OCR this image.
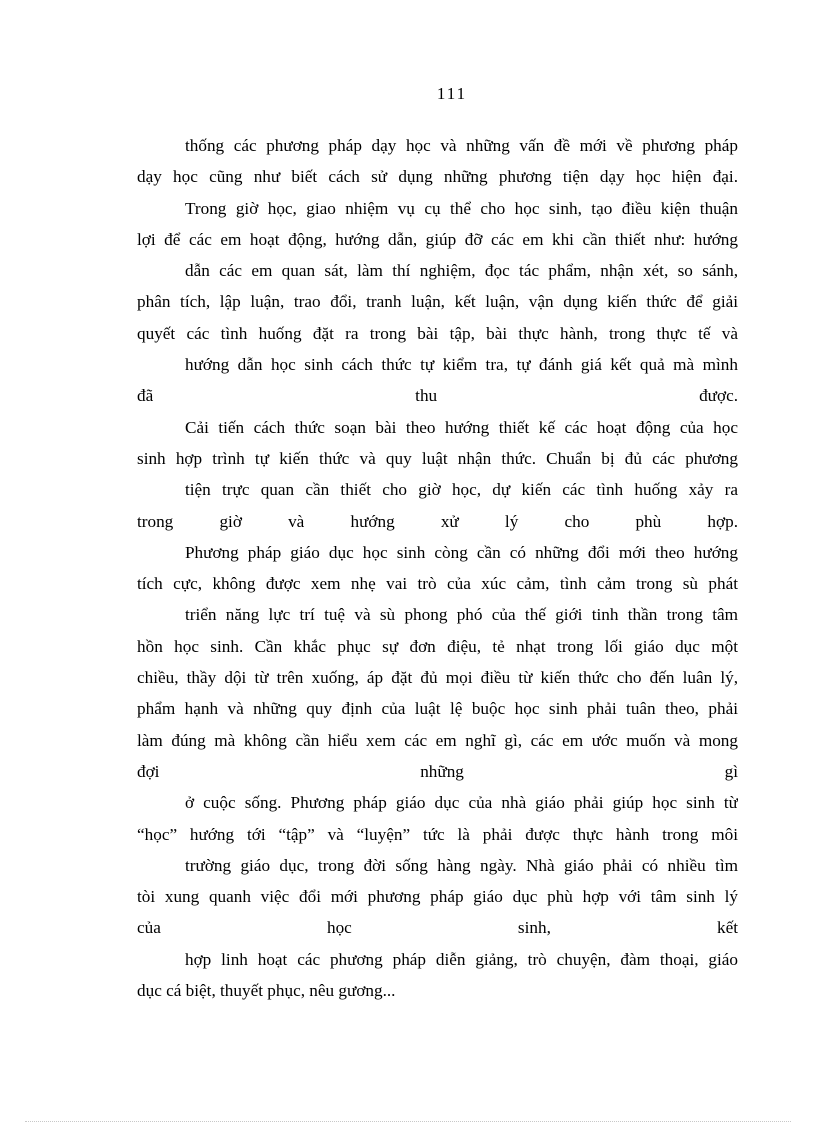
111
thống các phương pháp dạy học và những vấn đề mới về phương pháp
dạy học cũng như biết cách sử dụng những phương tiện dạy học hiện đại.
Trong giờ học, giao nhiệm vụ cụ thể cho học sinh, tạo điều kiện thuận
lợi để các em hoạt động, hướng dẫn, giúp đỡ các em khi cần thiết như: hướng
dẫn các em quan sát, làm thí nghiệm, đọc tác phẩm, nhận xét, so sánh,
phân tích, lập luận, trao đổi, tranh luận, kết luận, vận dụng kiến thức để giải
quyết các tình huống đặt ra trong bài tập, bài thực hành, trong thực tế và
hướng dẫn học sinh cách thức tự kiểm tra, tự đánh giá kết quả mà mình
đã thu được.
Cải tiến cách thức soạn bài theo hướng thiết kế các hoạt động của học
sinh hợp trình tự kiến thức và quy luật nhận thức. Chuẩn bị đủ các phương
tiện trực quan cần thiết cho giờ học, dự kiến các tình huống xảy ra
trong giờ và hướng xử lý cho phù hợp.
Phương pháp giáo dục học sinh còng cần có những đổi mới theo hướng
tích cực, không được xem nhẹ vai trò của xúc cảm, tình cảm trong sù phát
triển năng lực trí tuệ và sù phong phó của thế giới tinh thần trong tâm
hồn học sinh. Cần khắc phục sự đơn điệu, tẻ nhạt trong lối giáo dục một
chiều, thầy dội từ trên xuống, áp đặt đủ mọi điều từ kiến thức cho đến luân lý,
phẩm hạnh và những quy định của luật lệ buộc học sinh phải tuân theo, phải
làm đúng mà không cần hiểu xem các em nghĩ gì, các em ước muốn và mong
đợi những gì
ở cuộc sống. Phương pháp giáo dục của nhà giáo phải giúp học sinh từ
“học” hướng tới “tập” và “luyện” tức là phải được thực hành trong môi
trường giáo dục, trong đời sống hàng ngày. Nhà giáo phải có nhiều tìm
tòi xung quanh việc đổi mới phương pháp giáo dục phù hợp với tâm sinh lý
của học sinh, kết
hợp linh hoạt các phương pháp diễn giảng, trò chuyện, đàm thoại, giáo
dục cá biệt, thuyết phục, nêu gương...
